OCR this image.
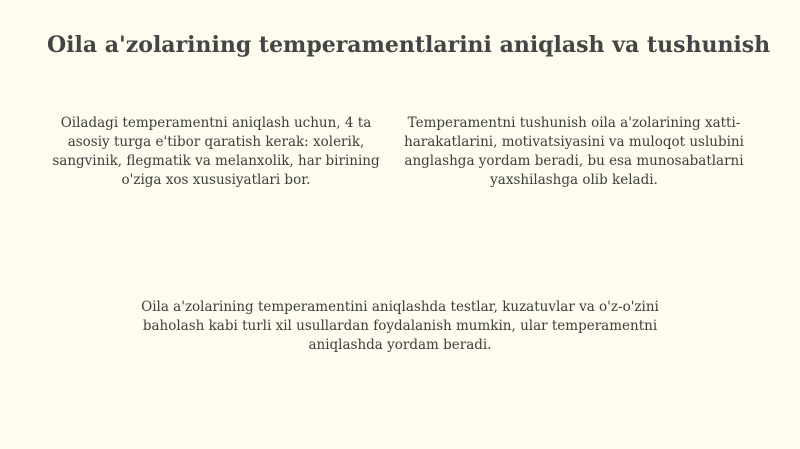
Oila a'zolarining temperamentlarini aniqlash va tushunish

Oiladagi temperamentni aniqlash uchun, 4 ta asosiy turga e'tibor qaratish kerak: xolerik, sangvinik, flegmatik va melanxolik, har birining o'ziga xos xususiyatlari bor.

Temperamentni tushunish oila a'zolarining xatti-harakatlarini, motivatsiyasini va muloqot uslubini anglashga yordam beradi, bu esa munosabatlarni yaxshilashga olib keladi.

Oila a'zolarining temperamentini aniqlashda testlar, kuzatuvlar va o'z-o'zini baholash kabi turli xil usullardan foydalanish mumkin, ular temperamentni aniqlashda yordam beradi.
